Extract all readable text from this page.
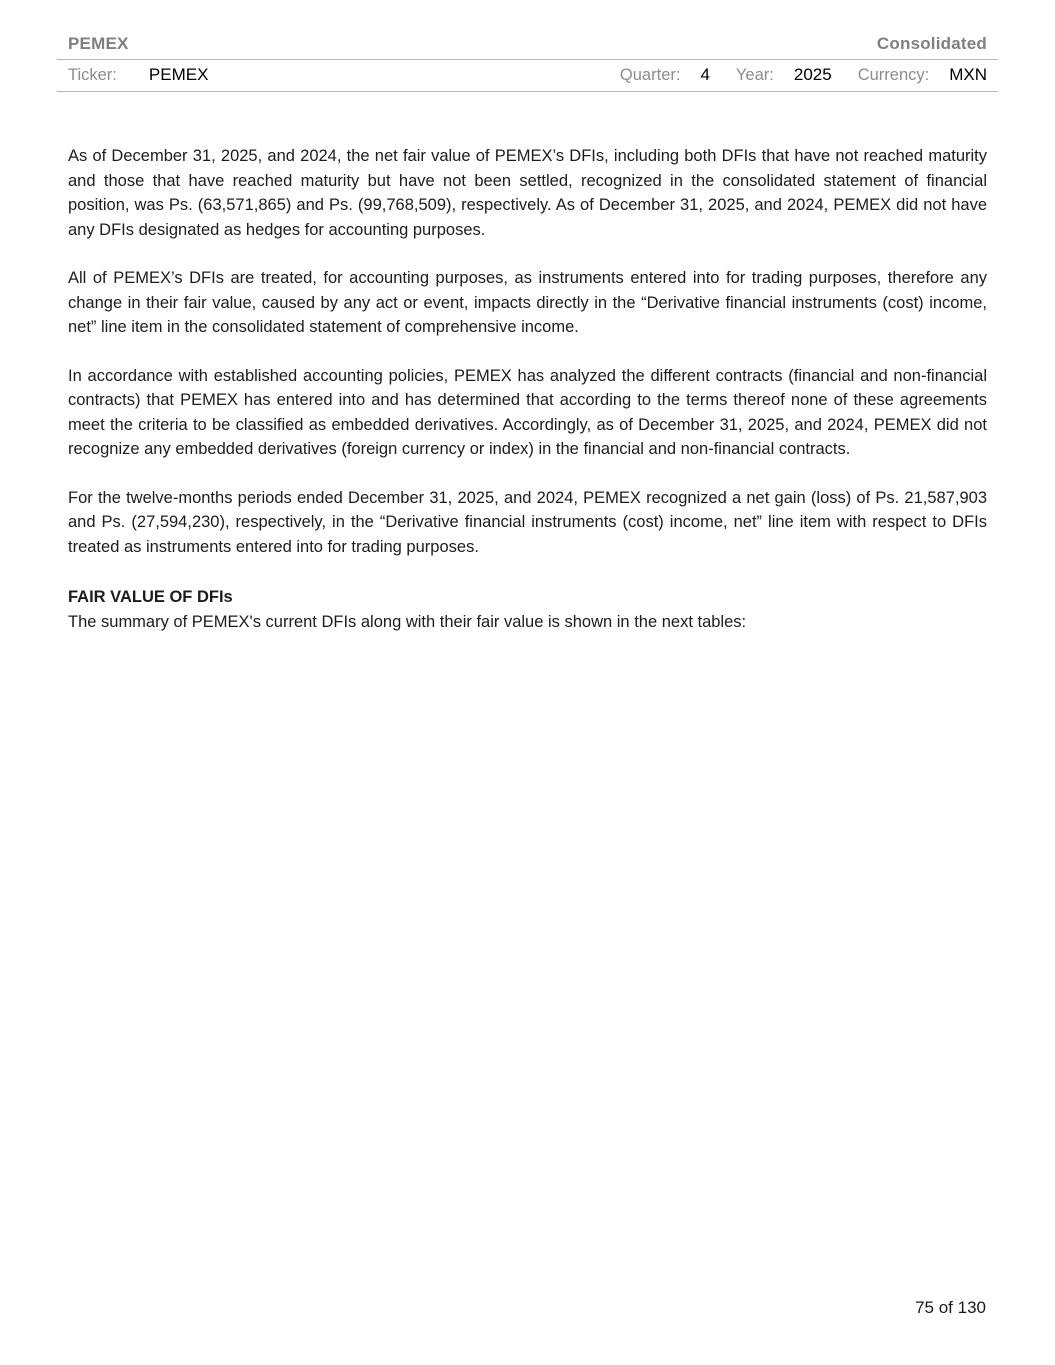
PEMEX	Consolidated
Ticker: PEMEX	Quarter: 4 Year: 2025 Currency: MXN

As of December 31, 2025, and 2024, the net fair value of PEMEX’s DFIs, including both DFIs that have not reached maturity and those that have reached maturity but have not been settled, recognized in the consolidated statement of financial position, was Ps. (63,571,865) and Ps. (99,768,509), respectively. As of December 31, 2025, and 2024, PEMEX did not have any DFIs designated as hedges for accounting purposes.

All of PEMEX’s DFIs are treated, for accounting purposes, as instruments entered into for trading purposes, therefore any change in their fair value, caused by any act or event, impacts directly in the “Derivative financial instruments (cost) income, net” line item in the consolidated statement of comprehensive income.

In accordance with established accounting policies, PEMEX has analyzed the different contracts (financial and non-financial contracts) that PEMEX has entered into and has determined that according to the terms thereof none of these agreements meet the criteria to be classified as embedded derivatives. Accordingly, as of December 31, 2025, and 2024, PEMEX did not recognize any embedded derivatives (foreign currency or index) in the financial and non-financial contracts.

For the twelve-months periods ended December 31, 2025, and 2024, PEMEX recognized a net gain (loss) of Ps. 21,587,903 and Ps. (27,594,230), respectively, in the “Derivative financial instruments (cost) income, net” line item with respect to DFIs treated as instruments entered into for trading purposes.

FAIR VALUE OF DFIs

The summary of PEMEX's current DFIs along with their fair value is shown in the next tables:

75 of 130
